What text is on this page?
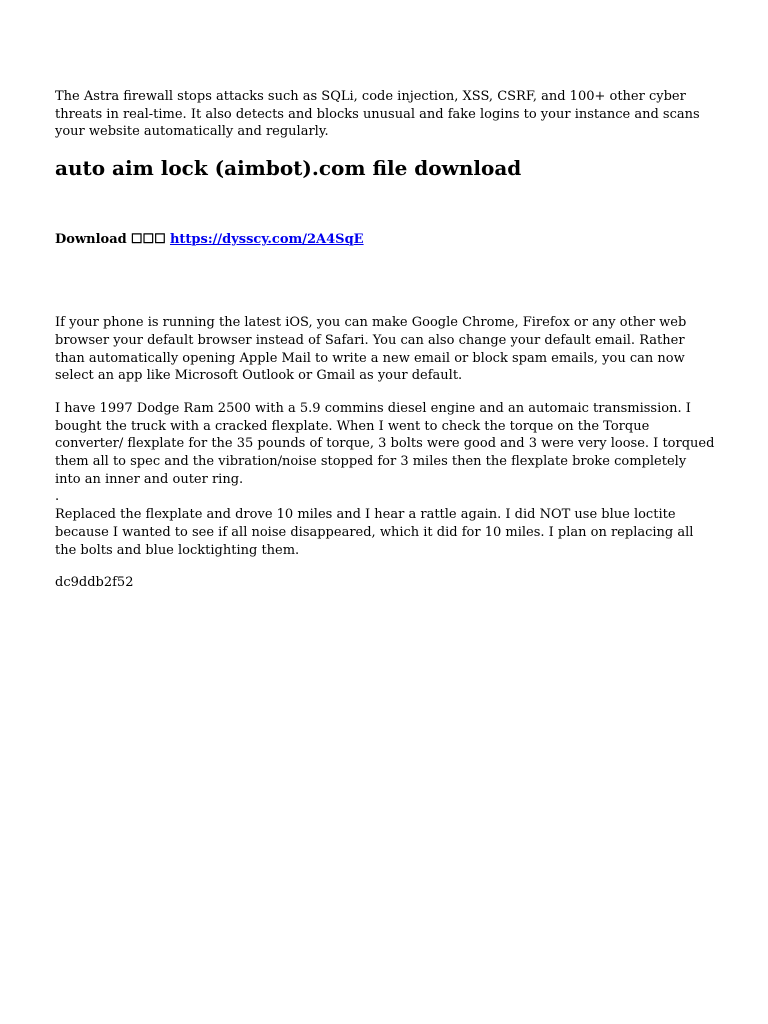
The Astra firewall stops attacks such as SQLi, code injection, XSS, CSRF, and 100+ other cyber threats in real-time. It also detects and blocks unusual and fake logins to your instance and scans your website automatically and regularly.

auto aim lock (aimbot).com file download

Download ☐☐☐ https://dysscy.com/2A4SqE

If your phone is running the latest iOS, you can make Google Chrome, Firefox or any other web browser your default browser instead of Safari. You can also change your default email. Rather than automatically opening Apple Mail to write a new email or block spam emails, you can now select an app like Microsoft Outlook or Gmail as your default.

I have 1997 Dodge Ram 2500 with a 5.9 commins diesel engine and an automaic transmission. I bought the truck with a cracked flexplate. When I went to check the torque on the Torque converter/ flexplate for the 35 pounds of torque, 3 bolts were good and 3 were very loose. I torqued them all to spec and the vibration/noise stopped for 3 miles then the flexplate broke completely into an inner and outer ring.

.

Replaced the flexplate and drove 10 miles and I hear a rattle again. I did NOT use blue loctite because I wanted to see if all noise disappeared, which it did for 10 miles. I plan on replacing all the bolts and blue locktighting them.

dc9ddb2f52
